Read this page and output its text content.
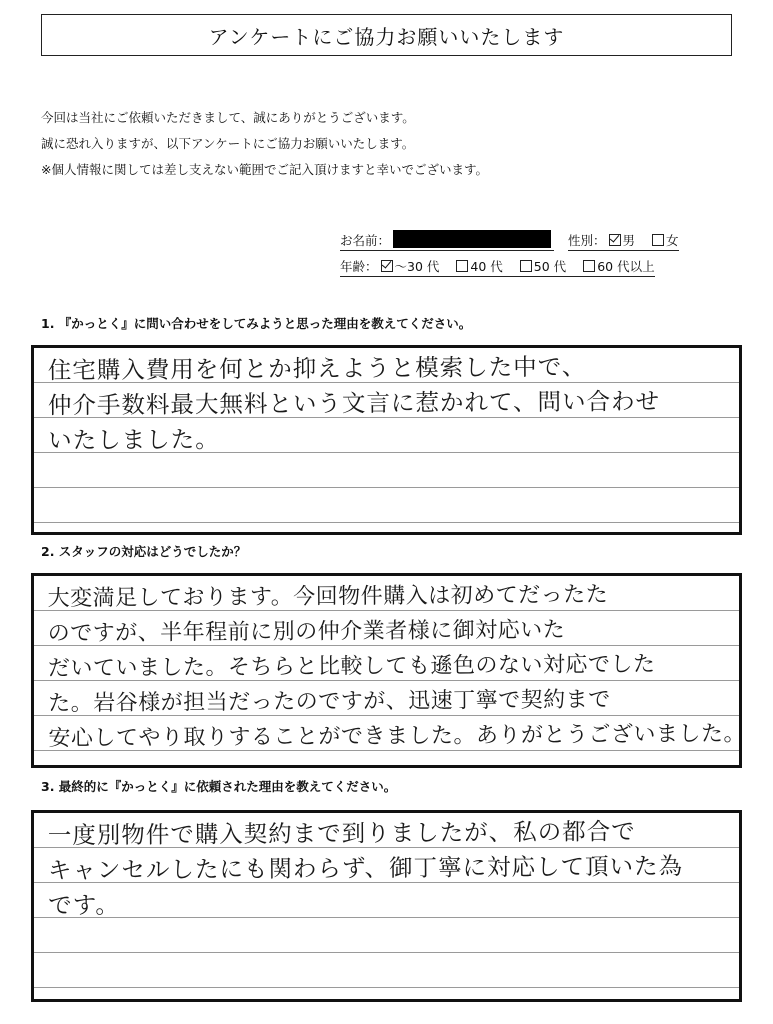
アンケートにご協力お願いいたします
今回は当社にご依頼いただきまして、誠にありがとうございます。
誠に恐れ入りますが、以下アンケートにご協力お願いいたします。
※個人情報に関しては差し支えない範囲でご記入頂けますと幸いでございます。
お名前：	性別： 男 女
年齢： ～30 代 40 代 50 代 60 代以上
1. 『かっとく』に問い合わせをしてみようと思った理由を教えてください。
住宅購入費用を何とか抑えようと模索した中で、
仲介手数料最大無料という文言に惹かれて、問い合わせ
いたしました。
2. スタッフの対応はどうでしたか？
大変満足しております。今回物件購入は初めてだったた
のですが、半年程前に別の仲介業者様に御対応いた
だいていました。そちらと比較しても遜色のない対応でした
た。岩谷様が担当だったのですが、迅速丁寧で契約まで
安心してやり取りすることができました。ありがとうございました。
3. 最終的に『かっとく』に依頼された理由を教えてください。
一度別物件で購入契約まで到りましたが、私の都合で
キャンセルしたにも関わらず、御丁寧に対応して頂いた為
です。
